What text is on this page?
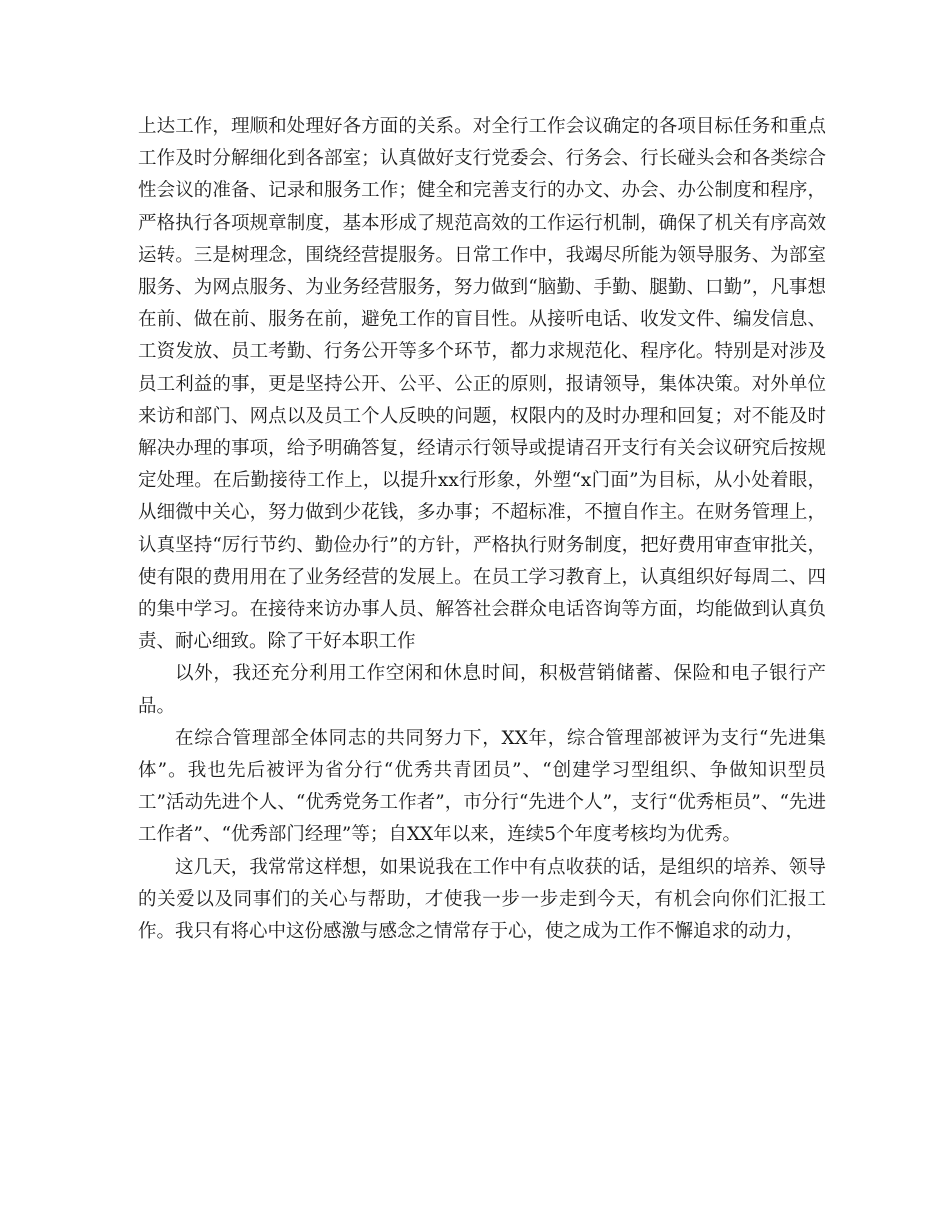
上达工作，理顺和处理好各方面的关系。对全行工作会议确定的各项目标任务和重点工作及时分解细化到各部室；认真做好支行党委会、行务会、行长碰头会和各类综合性会议的准备、记录和服务工作；健全和完善支行的办文、办会、办公制度和程序，严格执行各项规章制度，基本形成了规范高效的工作运行机制，确保了机关有序高效运转。三是树理念，围绕经营提服务。日常工作中，我竭尽所能为领导服务、为部室服务、为网点服务、为业务经营服务，努力做到“脑勤、手勤、腿勤、口勤”，凡事想在前、做在前、服务在前，避免工作的盲目性。从接听电话、收发文件、编发信息、工资发放、员工考勤、行务公开等多个环节，都力求规范化、程序化。特别是对涉及员工利益的事，更是坚持公开、公平、公正的原则，报请领导，集体决策。对外单位来访和部门、网点以及员工个人反映的问题，权限内的及时办理和回复；对不能及时解决办理的事项，给予明确答复，经请示行领导或提请召开支行有关会议研究后按规定处理。在后勤接待工作上，以提升xx行形象，外塑“x门面”为目标，从小处着眼，从细微中关心，努力做到少花钱，多办事；不超标准，不擅自作主。在财务管理上，认真坚持“厉行节约、勤俭办行”的方针，严格执行财务制度，把好费用审查审批关，使有限的费用用在了业务经营的发展上。在员工学习教育上，认真组织好每周二、四的集中学习。在接待来访办事人员、解答社会群众电话咨询等方面，均能做到认真负责、耐心细致。除了干好本职工作

以外，我还充分利用工作空闲和休息时间，积极营销储蓄、保险和电子银行产品。

在综合管理部全体同志的共同努力下，XX年，综合管理部被评为支行“先进集体”。我也先后被评为省分行“优秀共青团员”、“创建学习型组织、争做知识型员工”活动先进个人、“优秀党务工作者”，市分行“先进个人”，支行“优秀柜员”、“先进工作者”、“优秀部门经理”等；自XX年以来，连续5个年度考核均为优秀。

这几天，我常常这样想，如果说我在工作中有点收获的话，是组织的培养、领导的关爱以及同事们的关心与帮助，才使我一步一步走到今天，有机会向你们汇报工作。我只有将心中这份感激与感念之情常存于心，使之成为工作不懈追求的动力，
